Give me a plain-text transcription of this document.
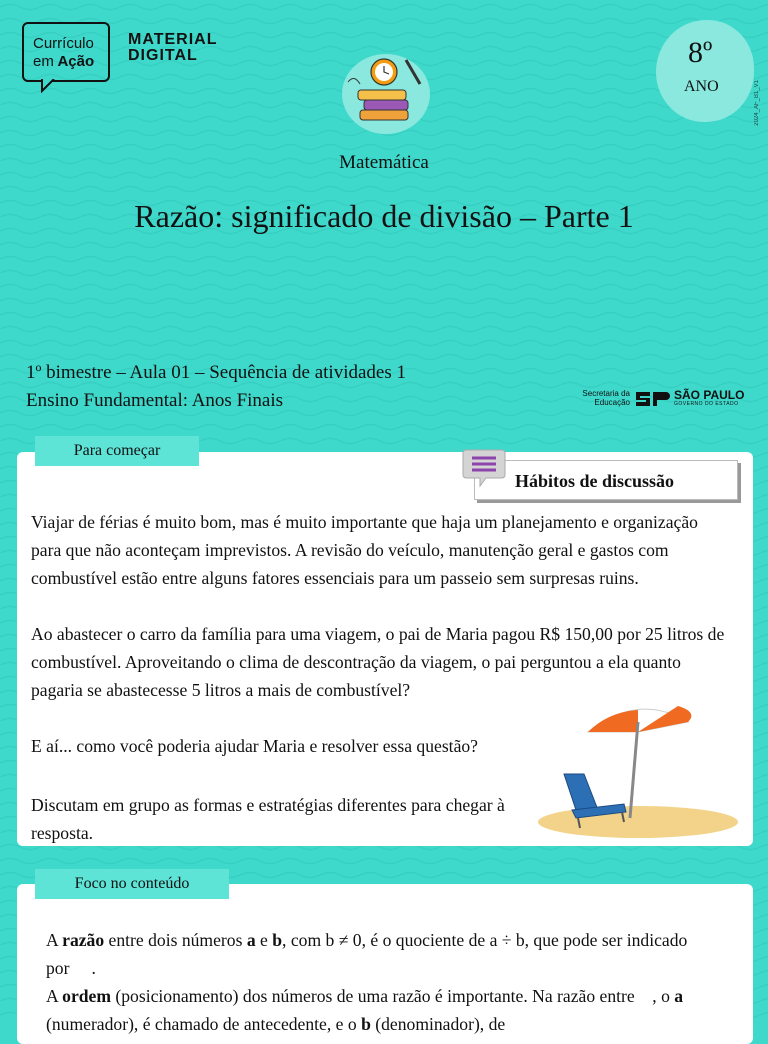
Currículo
em Ação
MATERIAL
DIGITAL	8º
ANO	2024_AF_B1_V1
Matemática
Razão: significado de divisão – Parte 1
1º bimestre – Aula 01 – Sequência de atividades 1
Ensino Fundamental: Anos Finais	Secretaria da Educação
SÃO PAULO
GOVERNO DO ESTADO
Para começar
Hábitos de discussão
Viajar de férias é muito bom, mas é muito importante que haja um planejamento e organização para que não aconteçam imprevistos. A revisão do veículo, manutenção geral e gastos com combustível estão entre alguns fatores essenciais para um passeio sem surpresas ruins.
Ao abastecer o carro da família para uma viagem, o pai de Maria pagou R$ 150,00 por 25 litros de combustível. Aproveitando o clima de descontração da viagem, o pai perguntou a ela quanto pagaria se abastecesse 5 litros a mais de combustível?
E aí... como você poderia ajudar Maria e resolver essa questão?
Discutam em grupo as formas e estratégias diferentes para chegar à resposta.
Foco no conteúdo
A razão entre dois números a e b, com b ≠ 0, é o quociente de a ÷ b, que pode ser indicado por .
A ordem (posicionamento) dos números de uma razão é importante. Na razão entre , o a (numerador), é chamado de antecedente, e o b (denominador), de
